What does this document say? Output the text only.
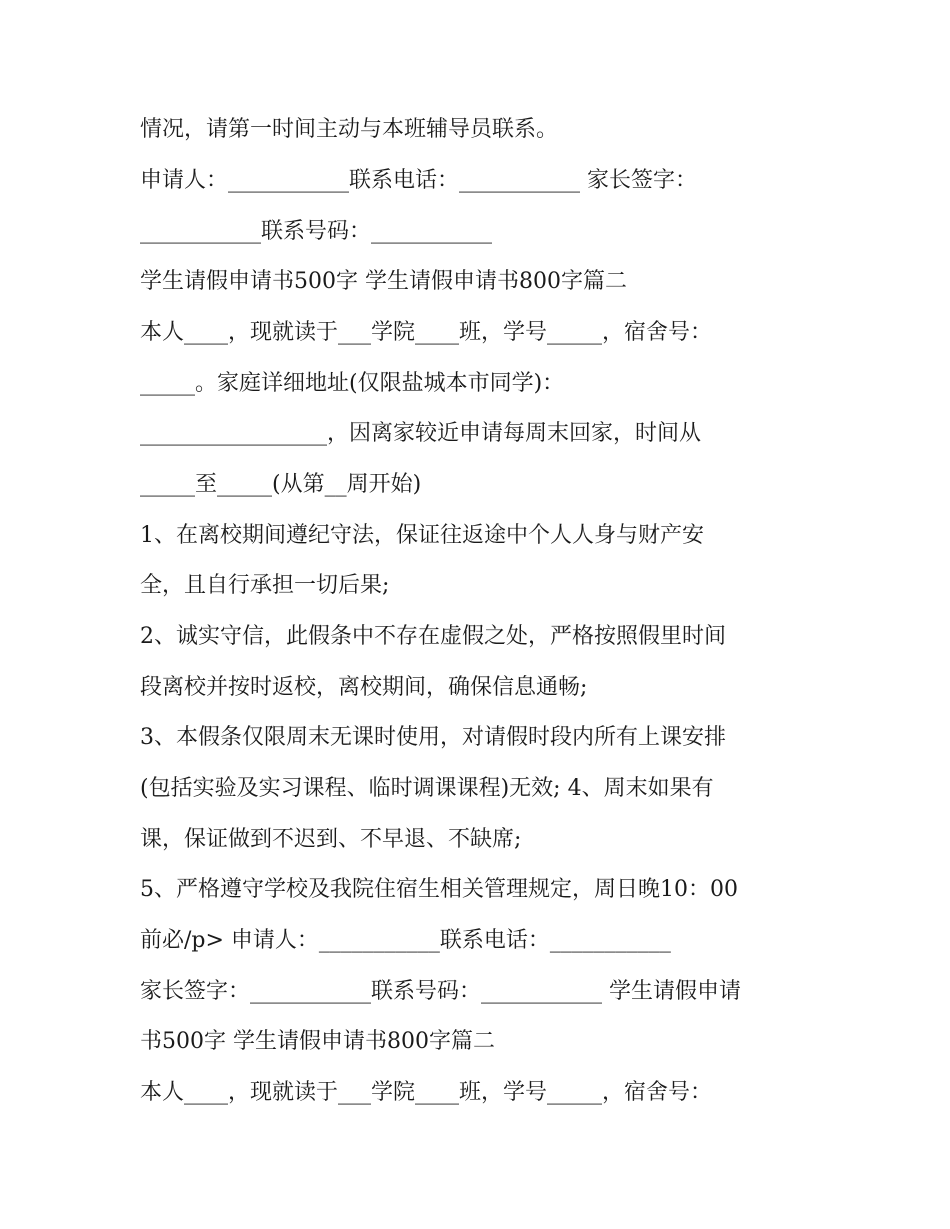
情况，请第一时间主动与本班辅导员联系。
申请人：___________联系电话：___________ 家长签字：
___________联系号码：___________
学生请假申请书500字 学生请假申请书800字篇二
本人____，现就读于___学院____班，学号_____，宿舍号：
_____。家庭详细地址(仅限盐城本市同学)：
_________________，因离家较近申请每周末回家，时间从
_____至_____(从第__周开始)
1、在离校期间遵纪守法，保证往返途中个人人身与财产安
全，且自行承担一切后果;
2、诚实守信，此假条中不存在虚假之处，严格按照假里时间
段离校并按时返校，离校期间，确保信息通畅;
3、本假条仅限周末无课时使用，对请假时段内所有上课安排
(包括实验及实习课程、临时调课课程)无效; 4、周末如果有
课，保证做到不迟到、不早退、不缺席;
5、严格遵守学校及我院住宿生相关管理规定，周日晚10：00
前必/p> 申请人：___________联系电话：___________
家长签字：___________联系号码：___________ 学生请假申请
书500字 学生请假申请书800字篇二
本人____，现就读于___学院____班，学号_____，宿舍号：
